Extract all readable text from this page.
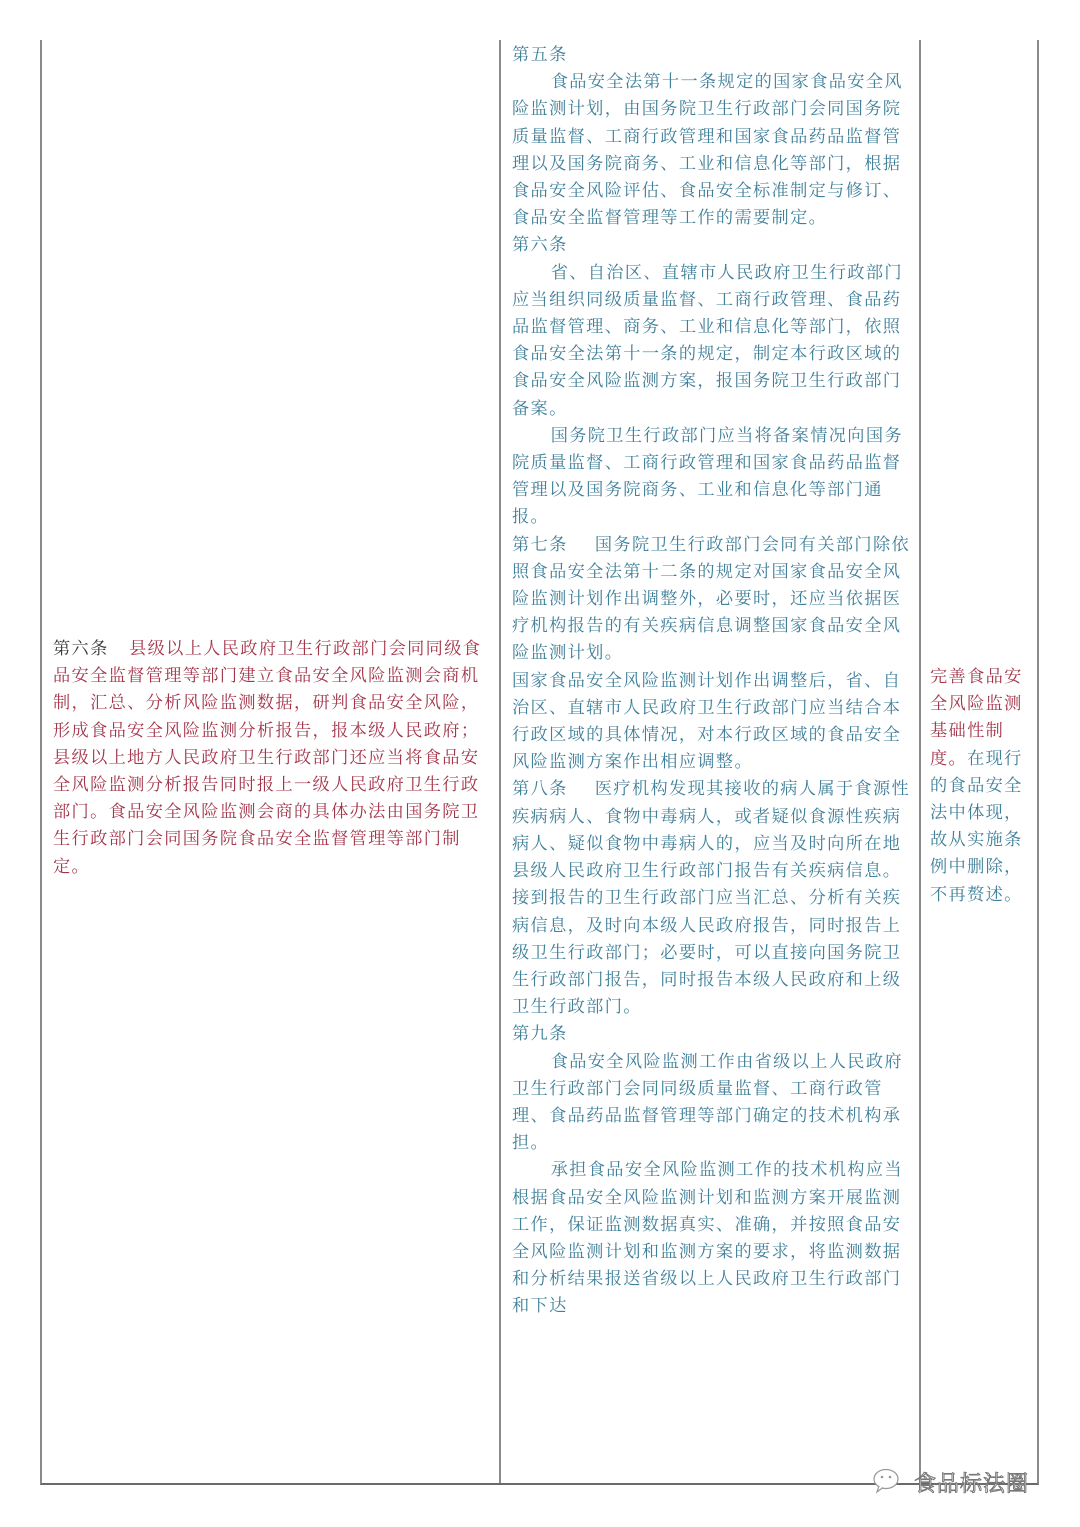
第六条 县级以上人民政府卫生行政部门会同同级食品安全监督管理等部门建立食品安全风险监测会商机制，汇总、分析风险监测数据，研判食品安全风险，形成食品安全风险监测分析报告，报本级人民政府；县级以上地方人民政府卫生行政部门还应当将食品安全风险监测分析报告同时报上一级人民政府卫生行政部门。食品安全风险监测会商的具体办法由国务院卫生行政部门会同国务院食品安全监督管理等部门制定。

第五条

食品安全法第十一条规定的国家食品安全风险监测计划，由国务院卫生行政部门会同国务院质量监督、工商行政管理和国家食品药品监督管理以及国务院商务、工业和信息化等部门，根据食品安全风险评估、食品安全标准制定与修订、食品安全监督管理等工作的需要制定。

第六条

省、自治区、直辖市人民政府卫生行政部门应当组织同级质量监督、工商行政管理、食品药品监督管理、商务、工业和信息化等部门，依照食品安全法第十一条的规定，制定本行政区域的食品安全风险监测方案，报国务院卫生行政部门备案。

国务院卫生行政部门应当将备案情况向国务院质量监督、工商行政管理和国家食品药品监督管理以及国务院商务、工业和信息化等部门通报。

第七条 国务院卫生行政部门会同有关部门除依照食品安全法第十二条的规定对国家食品安全风险监测计划作出调整外，必要时，还应当依据医疗机构报告的有关疾病信息调整国家食品安全风险监测计划。

国家食品安全风险监测计划作出调整后，省、自治区、直辖市人民政府卫生行政部门应当结合本行政区域的具体情况，对本行政区域的食品安全风险监测方案作出相应调整。

第八条 医疗机构发现其接收的病人属于食源性疾病病人、食物中毒病人，或者疑似食源性疾病病人、疑似食物中毒病人的，应当及时向所在地县级人民政府卫生行政部门报告有关疾病信息。

接到报告的卫生行政部门应当汇总、分析有关疾病信息，及时向本级人民政府报告，同时报告上级卫生行政部门；必要时，可以直接向国务院卫生行政部门报告，同时报告本级人民政府和上级卫生行政部门。

第九条

食品安全风险监测工作由省级以上人民政府卫生行政部门会同同级质量监督、工商行政管理、食品药品监督管理等部门确定的技术机构承担。

承担食品安全风险监测工作的技术机构应当根据食品安全风险监测计划和监测方案开展监测工作，保证监测数据真实、准确，并按照食品安全风险监测计划和监测方案的要求，将监测数据和分析结果报送省级以上人民政府卫生行政部门和下达

完善食品安全风险监测基础性制度。在现行的食品安全法中体现，故从实施条例中删除，不再赘述。
食品标法圈
